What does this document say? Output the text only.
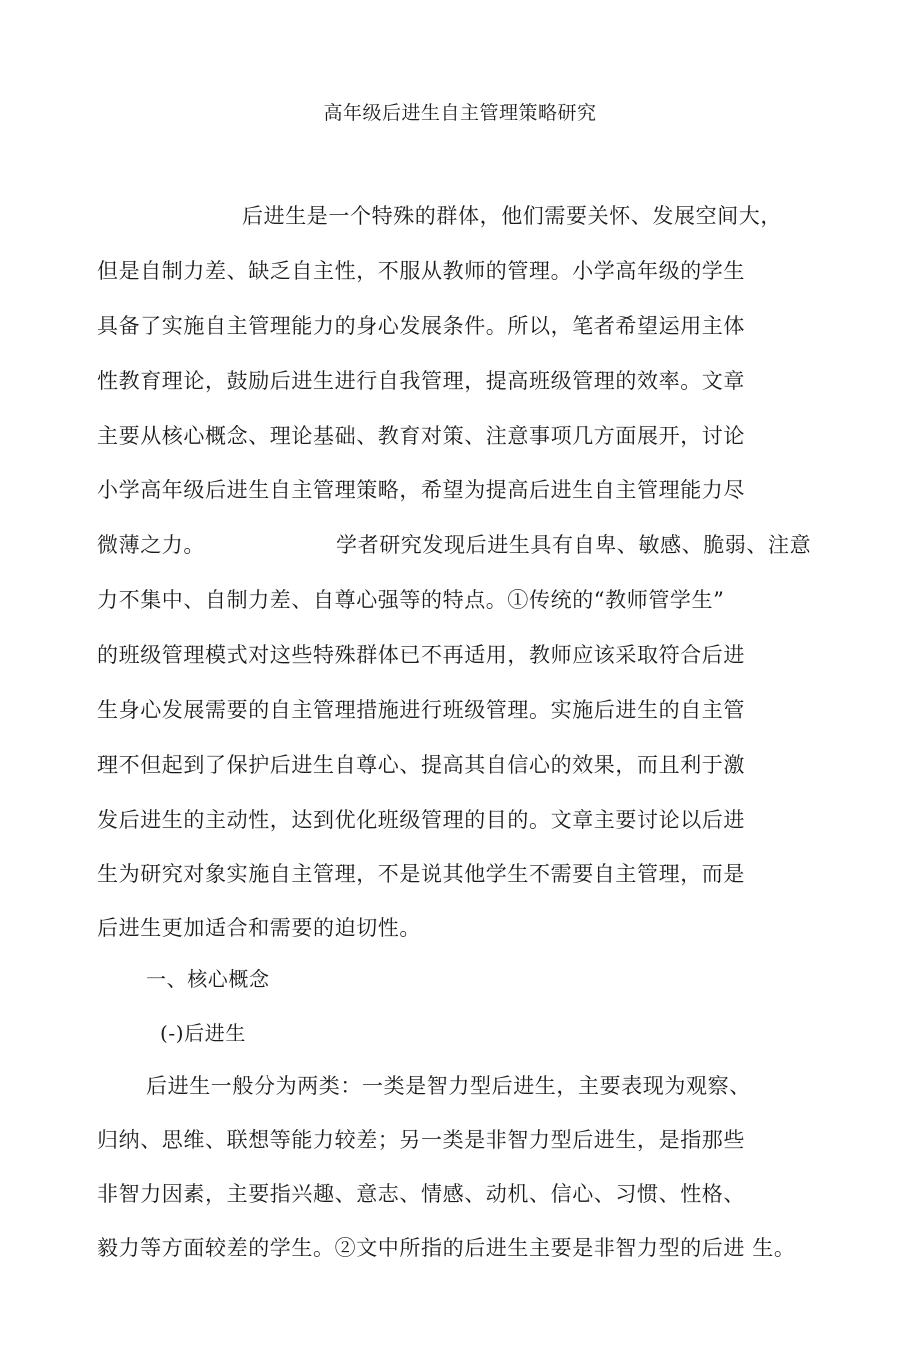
高年级后进生自主管理策略研究
后进生是一个特殊的群体，他们需要关怀、发展空间大，
但是自制力差、缺乏自主性，不服从教师的管理。小学高年级的学生
具备了实施自主管理能力的身心发展条件。所以，笔者希望运用主体
性教育理论，鼓励后进生进行自我管理，提高班级管理的效率。文章
主要从核心概念、理论基础、教育对策、注意事项几方面展开，讨论
小学高年级后进生自主管理策略，希望为提高后进生自主管理能力尽
微薄之力。	学者研究发现后进生具有自卑、敏感、脆弱、注意
力不集中、自制力差、自尊心强等的特点。①传统的“教师管学生”
的班级管理模式对这些特殊群体已不再适用，教师应该采取符合后进
生身心发展需要的自主管理措施进行班级管理。实施后进生的自主管
理不但起到了保护后进生自尊心、提高其自信心的效果，而且利于激
发后进生的主动性，达到优化班级管理的目的。文章主要讨论以后进
生为研究对象实施自主管理，不是说其他学生不需要自主管理，而是
后进生更加适合和需要的迫切性。
一、核心概念
(-)后进生
后进生一般分为两类：一类是智力型后进生，主要表现为观察、
归纳、思维、联想等能力较差；另一类是非智力型后进生，是指那些
非智力因素，主要指兴趣、意志、情感、动机、信心、习惯、性格、
毅力等方面较差的学生。②文中所指的后进生主要是非智力型的后进 生。
